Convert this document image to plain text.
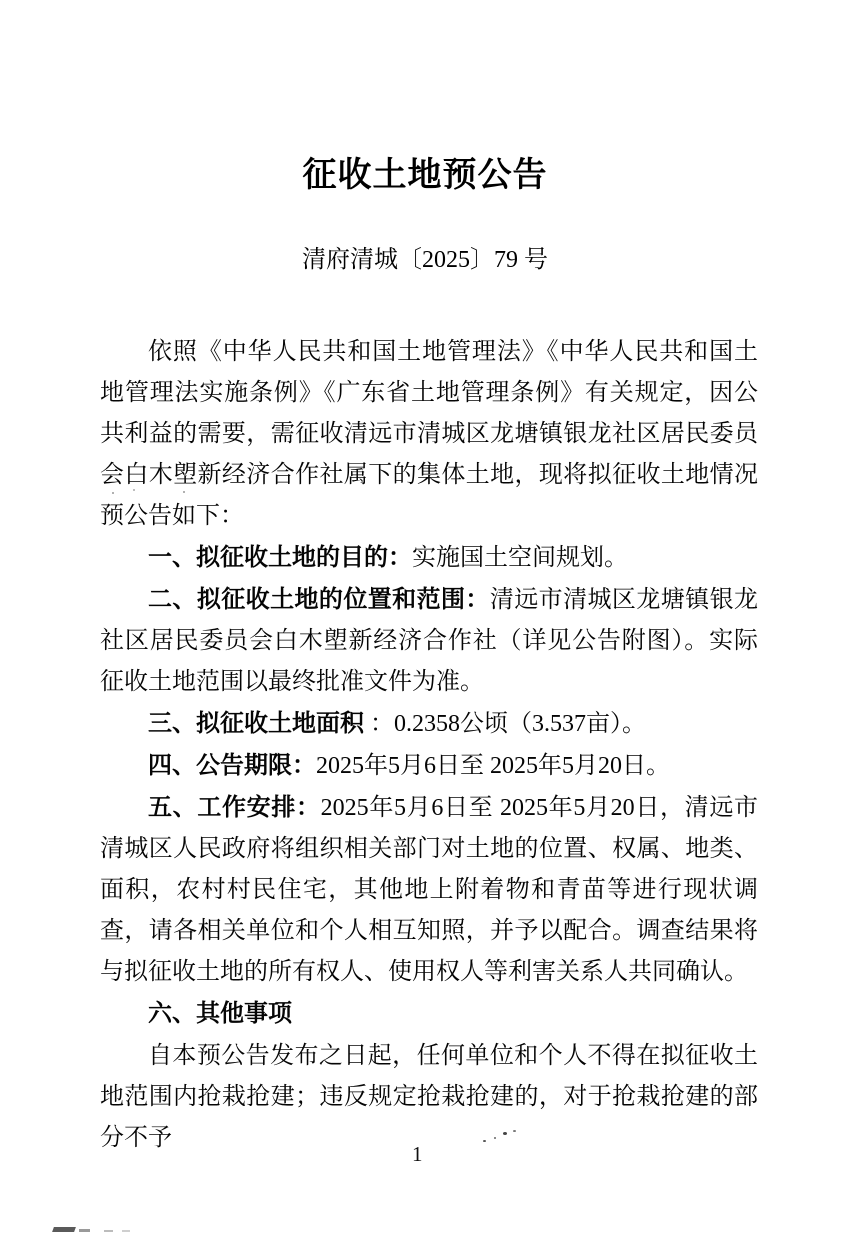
征收土地预公告
清府清城〔2025〕79 号

依照《中华人民共和国土地管理法》《中华人民共和国土 地管理法实施条例》《广东省土地管理条例》有关规定，因公共利益的需要，需征收清远市清城区龙塘镇银龙社区居民委员会白木塱新经济合作社属下的集体土地，现将拟征收土地情况预公告如下：

一、拟征收土地的目的：实施国土空间规划。

二、拟征收土地的位置和范围：清远市清城区龙塘镇银龙社区居民委员会白木塱新经济合作社（详见公告附图）。实际征收土地范围以最终批准文件为准。

三、拟征收土地面积 ：0.2358公顷（3.537亩）。

四、公告期限：2025年5月6日至 2025年5月20日。

五、工作安排：2025年5月6日至 2025年5月20日，清远市清城区人民政府将组织相关部门对土地的位置、权属、地类、面积，农村村民住宅，其他地上附着物和青苗等进行现状调查，请各相关单位和个人相互知照，并予以配合。调查结果将与拟征收土地的所有权人、使用权人等利害关系人共同确认。

六、其他事项

自本预公告发布之日起，任何单位和个人不得在拟征收土地范围内抢栽抢建；违反规定抢栽抢建的，对于抢栽抢建的部分不予

1
